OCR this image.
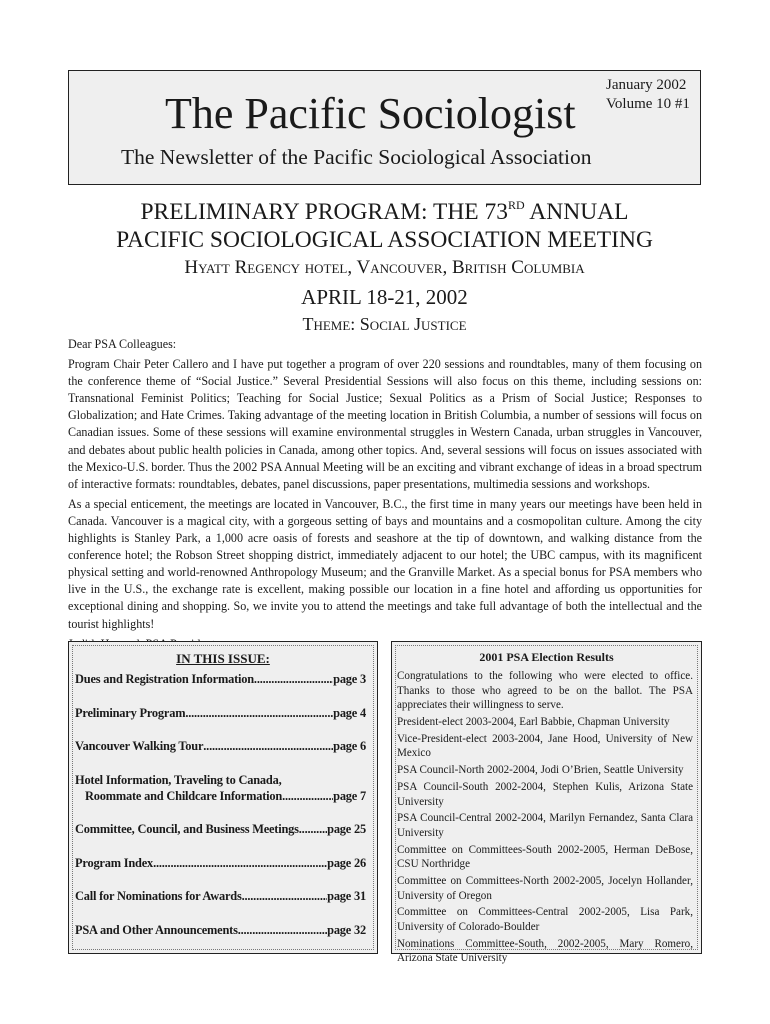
The Pacific Sociologist
The Newsletter of the Pacific Sociological Association
January 2002
Volume 10 #1
PRELIMINARY PROGRAM: THE 73RD ANNUAL
PACIFIC SOCIOLOGICAL ASSOCIATION MEETING
Hyatt Regency hotel, Vancouver, British Columbia
APRIL 18-21, 2002
Theme: Social Justice

Dear PSA Colleagues:

Program Chair Peter Callero and I have put together a program of over 220 sessions and roundtables, many of them focusing on the conference theme of “Social Justice.” Several Presidential Sessions will also focus on this theme, including sessions on: Transnational Feminist Politics; Teaching for Social Justice; Sexual Politics as a Prism of Social Justice; Responses to Globalization; and Hate Crimes. Taking advantage of the meeting location in British Columbia, a number of sessions will focus on Canadian issues. Some of these sessions will examine environmental struggles in Western Canada, urban struggles in Vancouver, and debates about public health policies in Canada, among other topics. And, several sessions will focus on issues associated with the Mexico-U.S. border. Thus the 2002 PSA Annual Meeting will be an exciting and vibrant exchange of ideas in a broad spectrum of interactive formats: roundtables, debates, panel discussions, paper presentations, multimedia sessions and workshops.

As a special enticement, the meetings are located in Vancouver, B.C., the first time in many years our meetings have been held in Canada. Vancouver is a magical city, with a gorgeous setting of bays and mountains and a cosmopolitan culture. Among the city highlights is Stanley Park, a 1,000 acre oasis of forests and seashore at the tip of downtown, and walking distance from the conference hotel; the Robson Street shopping district, immediately adjacent to our hotel; the UBC campus, with its magnificent physical setting and world-renowned Anthropology Museum; and the Granville Market. As a special bonus for PSA members who live in the U.S., the exchange rate is excellent, making possible our location in a fine hotel and affording us opportunities for exceptional dining and shopping. So, we invite you to attend the meetings and take full advantage of both the intellectual and the tourist highlights!

IN THIS ISSUE:
Dues and Registration Information .....	page 3
Preliminary Program .....	page 4
Vancouver Walking Tour .....	page 6
Hotel Information, Traveling to Canada,
Roommate and Childcare Information .....	page 7
Committee, Council, and Business Meetings ..... page 25
Program Index .....	page 26
Call for Nominations for Awards .....	page 31
PSA and Other Announcements .....	page 32
2001 PSA Election Results

Congratulations to the following who were elected to office. Thanks to those who agreed to be on the ballot. The PSA appreciates their willingness to serve.

President-elect 2003-2004, Earl Babbie, Chapman University

Vice-President-elect 2003-2004, Jane Hood, University of New Mexico

PSA Council-North 2002-2004, Jodi O’Brien, Seattle University

PSA Council-South 2002-2004, Stephen Kulis, Arizona State University

PSA Council-Central 2002-2004, Marilyn Fernandez, Santa Clara University

Committee on Committees-South 2002-2005, Herman DeBose, CSU Northridge

Committee on Committees-North 2002-2005, Jocelyn Hollander, University of Oregon

Committee on Committees-Central 2002-2005, Lisa Park, University of Colorado-Boulder

Nominations Committee-South, 2002-2005, Mary Romero, Arizona State University
